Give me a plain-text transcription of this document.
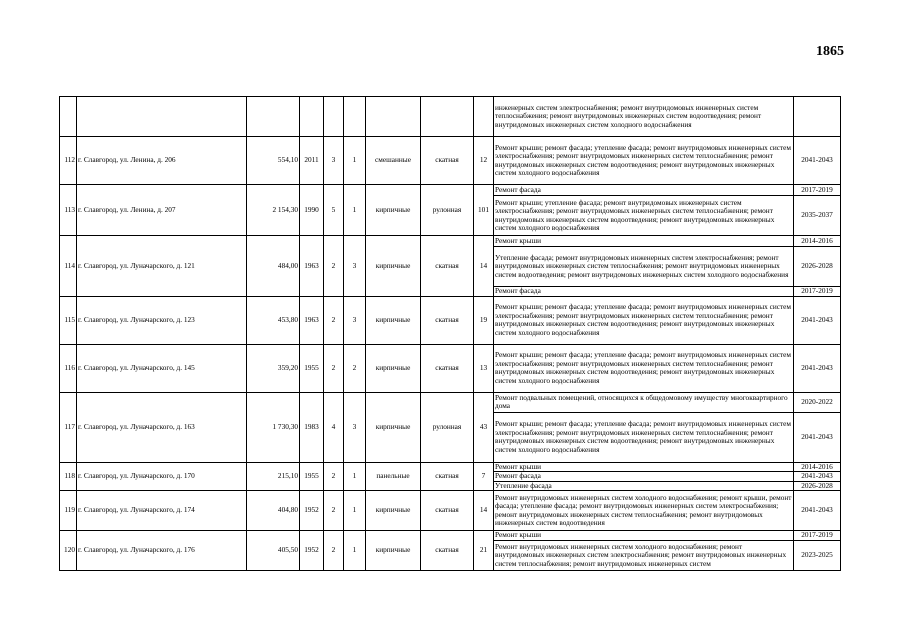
1865
									инженерных систем электроснабжения; ремонт внутридомовых инженерных систем теплоснабжения; ремонт внутридомовых инженерных систем водоотведения; ремонт внутридомовых инженерных систем холодного водоснабжения	
112	г. Славгород, ул. Ленина, д. 206	554,10	2011	3	1	смешанные	скатная	12	Ремонт крыши; ремонт фасада; утепление фасада; ремонт внутридомовых инженерных систем электроснабжения; ремонт внутридомовых инженерных систем теплоснабжения; ремонт внутридомовых инженерных систем водоотведения; ремонт внутридомовых инженерных систем холодного водоснабжения	2041-2043
113	г. Славгород, ул. Ленина, д. 207	2 154,30	1990	5	1	кирпичные	рулонная	101	Ремонт фасада	2017-2019
									Ремонт крыши; утепление фасада; ремонт внутридомовых инженерных систем электроснабжения; ремонт внутридомовых инженерных систем теплоснабжения; ремонт внутридомовых инженерных систем водоотведения; ремонт внутридомовых инженерных систем холодного водоснабжения	2035-2037
114	г. Славгород, ул. Луначарского, д. 121	484,00	1963	2	3	кирпичные	скатная	14	Ремонт крыши	2014-2016
									Утепление фасада; ремонт внутридомовых инженерных систем электроснабжения; ремонт внутридомовых инженерных систем теплоснабжения; ремонт внутридомовых инженерных систем водоотведения; ремонт внутридомовых инженерных систем холодного водоснабжения	2026-2028
									Ремонт фасада	2017-2019
115	г. Славгород, ул. Луначарского, д. 123	453,80	1963	2	3	кирпичные	скатная	19	Ремонт крыши; ремонт фасада; утепление фасада; ремонт внутридомовых инженерных систем электроснабжения; ремонт внутридомовых инженерных систем теплоснабжения; ремонт внутридомовых инженерных систем водоотведения; ремонт внутридомовых инженерных систем холодного водоснабжения	2041-2043
116	г. Славгород, ул. Луначарского, д. 145	359,20	1955	2	2	кирпичные	скатная	13	Ремонт крыши; ремонт фасада; утепление фасада; ремонт внутридомовых инженерных систем электроснабжения; ремонт внутридомовых инженерных систем теплоснабжения; ремонт внутридомовых инженерных систем водоотведения; ремонт внутридомовых инженерных систем холодного водоснабжения	2041-2043
117	г. Славгород, ул. Луначарского, д. 163	1 730,30	1983	4	3	кирпичные	рулонная	43	Ремонт подвальных помещений, относящихся к общедомовому имуществу многоквартирного дома	2020-2022
									Ремонт крыши; ремонт фасада; утепление фасада; ремонт внутридомовых инженерных систем электроснабжения; ремонт внутридомовых инженерных систем теплоснабжения; ремонт внутридомовых инженерных систем водоотведения; ремонт внутридомовых инженерных систем холодного водоснабжения	2041-2043
118	г. Славгород, ул. Луначарского, д. 170	215,10	1955	2	1	панельные	скатная	7	Ремонт крыши	2014-2016
									Ремонт фасада	2041-2043
									Утепление фасада	2026-2028
119	г. Славгород, ул. Луначарского, д. 174	404,80	1952	2	1	кирпичные	скатная	14	Ремонт внутридомовых инженерных систем холодного водоснабжения; ремонт крыши, ремонт фасада; утепление фасада; ремонт внутридомовых инженерных систем электроснабжения; ремонт внутридомовых инженерных систем теплоснабжения; ремонт внутридомовых инженерных систем водоотведения	2041-2043
120	г. Славгород, ул. Луначарского, д. 176	405,50	1952	2	1	кирпичные	скатная	21	Ремонт крыши	2017-2019
									Ремонт внутридомовых инженерных систем холодного водоснабжения; ремонт внутридомовых инженерных систем электроснабжения; ремонт внутридомовых инженерных систем теплоснабжения; ремонт внутридомовых инженерных систем	2023-2025
